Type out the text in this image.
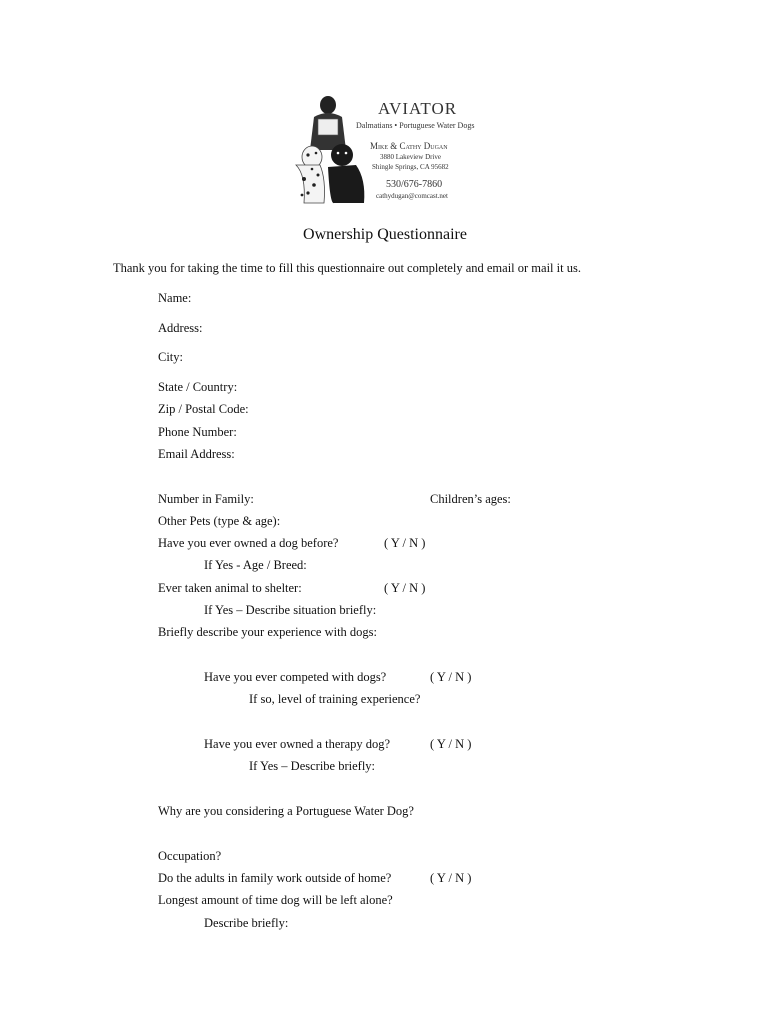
AVIATOR
Dalmatians • Portuguese Water Dogs
Mike & Cathy Dugan
3880 Lakeview Drive
Shingle Springs, CA 95682
530/676-7860
cathydugan@comcast.net
Ownership Questionnaire
Thank you for taking the time to fill this questionnaire out completely and email or mail it us.
Name:
Address:
City:
State / Country:
Zip / Postal Code:
Phone Number:
Email Address:
Number in Family:	Children’s ages:
Other Pets (type & age):
Have you ever owned a dog before?	( Y / N )
If Yes - Age / Breed:
Ever taken animal to shelter:	( Y / N )
If Yes – Describe situation briefly:
Briefly describe your experience with dogs:
Have you ever competed with dogs?	( Y / N )
If so, level of training experience?
Have you ever owned a therapy dog?	( Y / N )
If Yes – Describe briefly:
Why are you considering a Portuguese Water Dog?
Occupation?
Do the adults in family work outside of home?	( Y / N )
Longest amount of time dog will be left alone?
Describe briefly:
